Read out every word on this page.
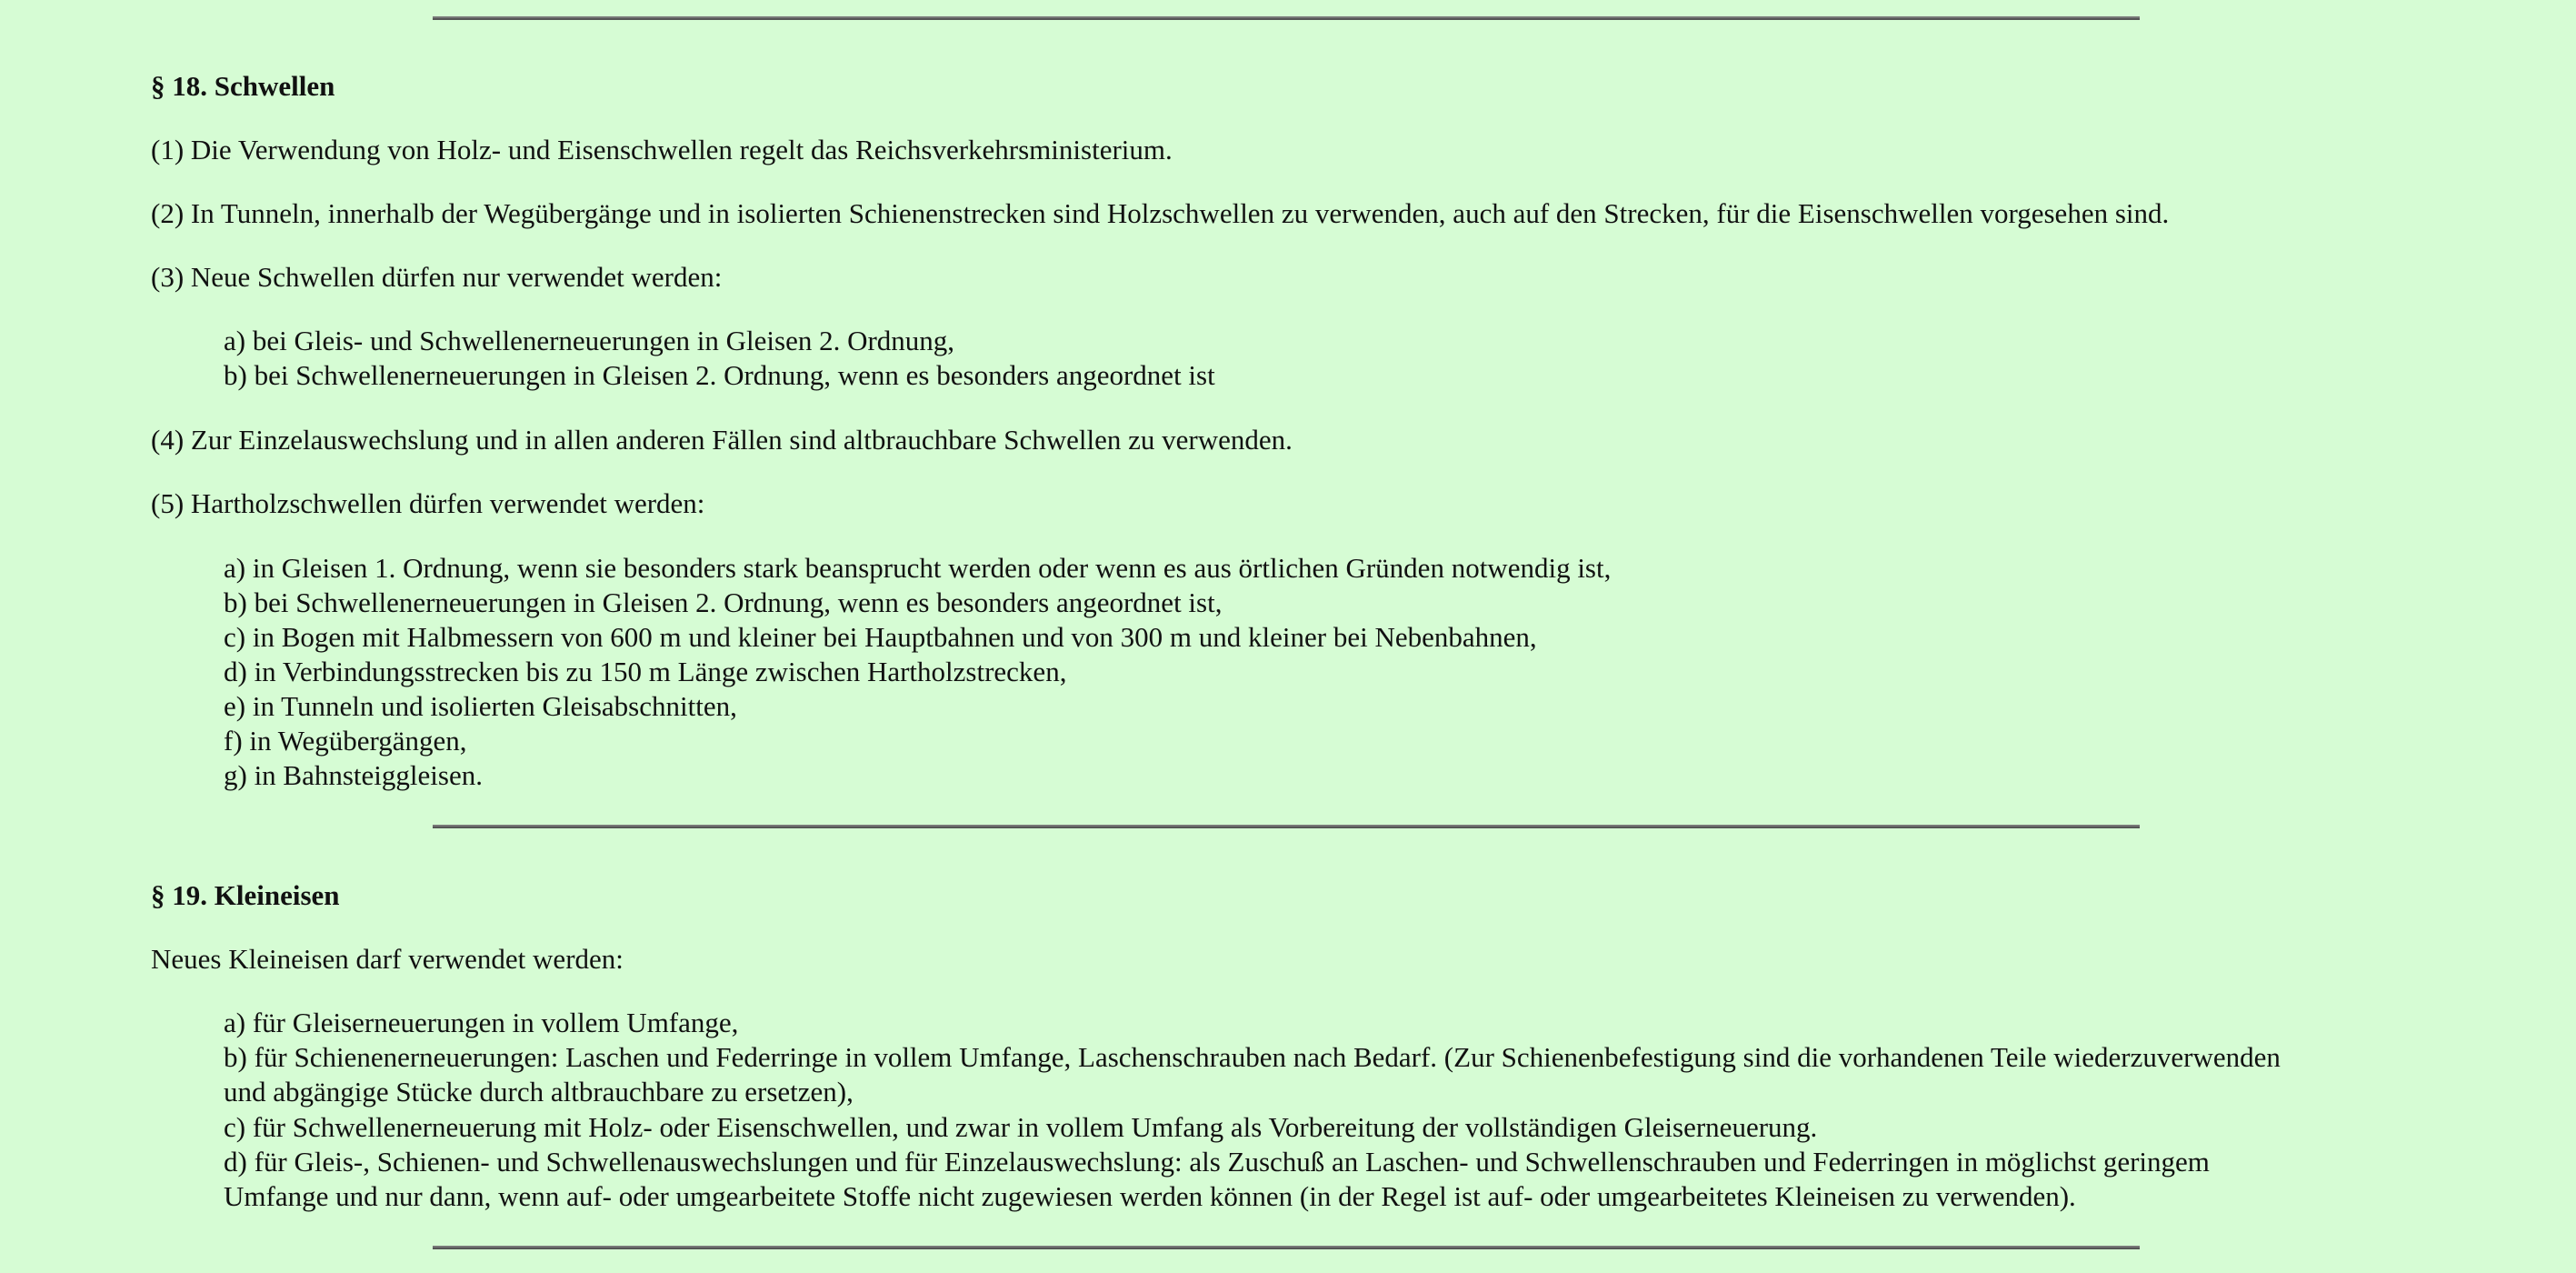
§ 18. Schwellen
(1) Die Verwendung von Holz- und Eisenschwellen regelt das Reichsverkehrsministerium.
(2) In Tunneln, innerhalb der Wegübergänge und in isolierten Schienenstrecken sind Holzschwellen zu verwenden, auch auf den Strecken, für die Eisenschwellen vorgesehen sind.
(3) Neue Schwellen dürfen nur verwendet werden:
a) bei Gleis- und Schwellenerneuerungen in Gleisen 2. Ordnung,
b) bei Schwellenerneuerungen in Gleisen 2. Ordnung, wenn es besonders angeordnet ist
(4) Zur Einzelauswechslung und in allen anderen Fällen sind altbrauchbare Schwellen zu verwenden.
(5) Hartholzschwellen dürfen verwendet werden:
a) in Gleisen 1. Ordnung, wenn sie besonders stark beansprucht werden oder wenn es aus örtlichen Gründen notwendig ist,
b) bei Schwellenerneuerungen in Gleisen 2. Ordnung, wenn es besonders angeordnet ist,
c) in Bogen mit Halbmessern von 600 m und kleiner bei Hauptbahnen und von 300 m und kleiner bei Nebenbahnen,
d) in Verbindungsstrecken bis zu 150 m Länge zwischen Hartholzstrecken,
e) in Tunneln und isolierten Gleisabschnitten,
f) in Wegübergängen,
g) in Bahnsteiggleisen.
§ 19. Kleineisen
Neues Kleineisen darf verwendet werden:
a) für Gleiserneuerungen in vollem Umfange,
b) für Schienenerneuerungen: Laschen und Federringe in vollem Umfange, Laschenschrauben nach Bedarf. (Zur Schienenbefestigung sind die vorhandenen Teile wiederzuverwenden
und abgängige Stücke durch altbrauchbare zu ersetzen),
c) für Schwellenerneuerung mit Holz- oder Eisenschwellen, und zwar in vollem Umfang als Vorbereitung der vollständigen Gleiserneuerung.
d) für Gleis-, Schienen- und Schwellenauswechslungen und für Einzelauswechslung: als Zuschuß an Laschen- und Schwellenschrauben und Federringen in möglichst geringem
Umfange und nur dann, wenn auf- oder umgearbeitete Stoffe nicht zugewiesen werden können (in der Regel ist auf- oder umgearbeitetes Kleineisen zu verwenden).
